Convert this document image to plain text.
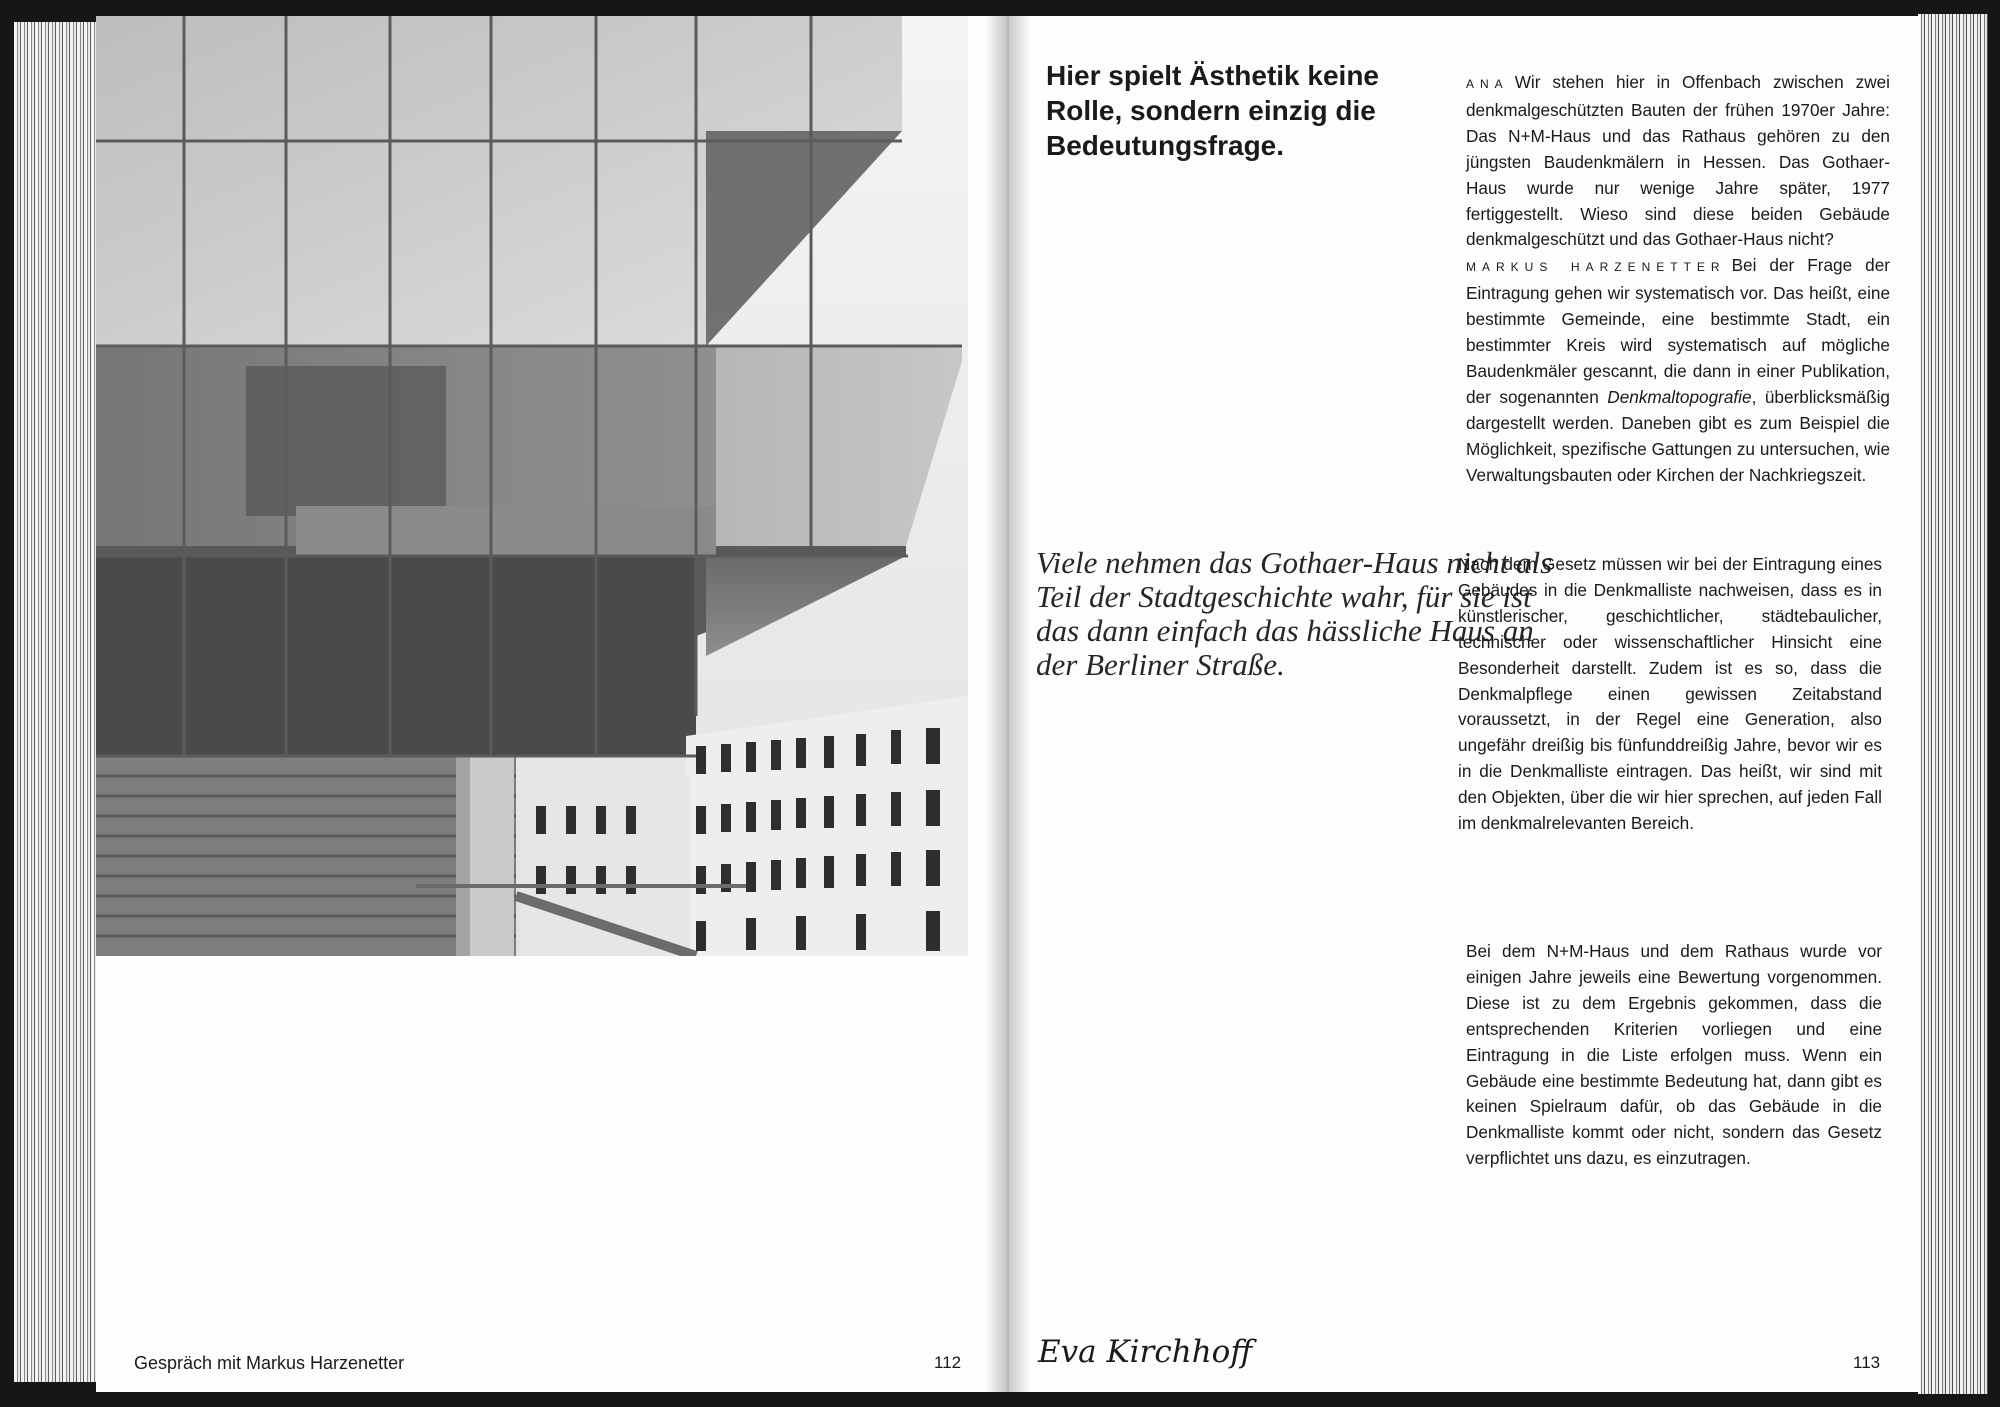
Gespräch mit Markus Harzenetter	112
Hier spielt Ästhetik keine Rolle, sondern einzig die Bedeutungsfrage.

ANA Wir stehen hier in Offenbach zwischen zwei denkmalgeschützten Bauten der frühen 1970er Jahre: Das N+M-Haus und das Rathaus gehören zu den jüngsten Baudenkmälern in Hessen. Das Gothaer-Haus wurde nur wenige Jahre später, 1977 fertiggestellt. Wieso sind diese beiden Gebäude denkmalgeschützt und das Gothaer-Haus nicht?

MARKUS HARZENETTER Bei der Frage der Eintragung gehen wir systematisch vor. Das heißt, eine bestimmte Gemeinde, eine bestimmte Stadt, ein bestimmter Kreis wird systematisch auf mögliche Baudenkmäler gescannt, die dann in einer Publikation, der sogenannten Denkmaltopografie, überblicksmäßig dargestellt werden. Daneben gibt es zum Beispiel die Möglichkeit, spezifische Gattungen zu untersuchen, wie Verwaltungsbauten oder Kirchen der Nachkriegszeit.

Viele nehmen das Gothaer-Haus nicht als Teil der Stadtgeschichte wahr, für sie ist das dann einfach das hässliche Haus an der Berliner Straße.
Eva Kirchhoff	113

Bei dem N+M-Haus und dem Rathaus wurde vor einigen Jahre jeweils eine Bewertung vorgenommen. Diese ist zu dem Ergebnis gekommen, dass die entsprechenden Kriterien vorliegen und eine Eintragung in die Liste erfolgen muss. Wenn ein Gebäude eine bestimmte Bedeutung hat, dann gibt es keinen Spielraum dafür, ob das Gebäude in die Denkmalliste kommt oder nicht, sondern das Gesetz verpflichtet uns dazu, es einzutragen.

Nach dem Gesetz müssen wir bei der Eintragung eines Gebäudes in die Denkmalliste nachweisen, dass es in künstlerischer, geschichtlicher, städtebaulicher, technischer oder wissenschaftlicher Hinsicht eine Besonderheit darstellt. Zudem ist es so, dass die Denkmalpflege einen gewissen Zeitabstand voraussetzt, in der Regel eine Generation, also ungefähr dreißig bis fünfunddreißig Jahre, bevor wir es in die Denkmalliste eintragen. Das heißt, wir sind mit den Objekten, über die wir hier sprechen, auf jeden Fall im denkmalrelevanten Bereich.
